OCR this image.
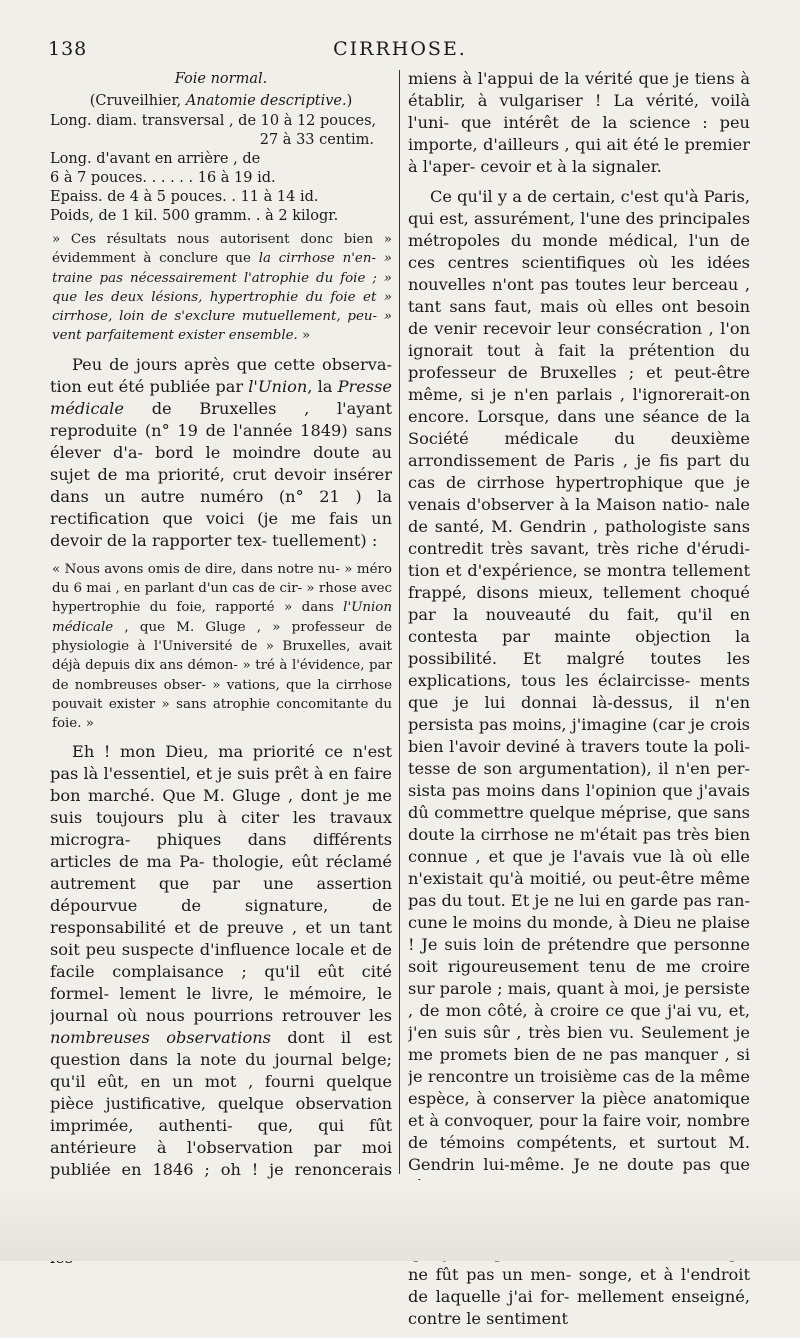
138	CIRRHOSE.

Foie normal.

(Cruveilhier, Anatomie descriptive.)

Long. diam. transversal , de 10 à 12 pouces,

27 à 33 centim.

Long. d'avant en arrière , de

6 à 7 pouces. . . . . . 16 à 19 id.

Epaiss. de 4 à 5 pouces. . 11 à 14 id.

Poids, de 1 kil. 500 gramm. . à 2 kilogr.

» Ces résultats nous autorisent donc bien » évidemment à conclure que la cirrhose n'en- » traine pas nécessairement l'atrophie du foie ; » que les deux lésions, hypertrophie du foie et » cirrhose, loin de s'exclure mutuellement, peu- » vent parfaitement exister ensemble. »

Peu de jours après que cette observa- tion eut été publiée par l'Union, la Presse médicale de Bruxelles , l'ayant reproduite (n° 19 de l'année 1849) sans élever d'a- bord le moindre doute au sujet de ma priorité, crut devoir insérer dans un autre numéro (n° 21 ) la rectification que voici (je me fais un devoir de la rapporter tex- tuellement) :

« Nous avons omis de dire, dans notre nu- » méro du 6 mai , en parlant d'un cas de cir- » rhose avec hypertrophie du foie, rapporté » dans l'Union médicale , que M. Gluge , » professeur de physiologie à l'Université de » Bruxelles, avait déjà depuis dix ans démon- » tré à l'évidence, par de nombreuses obser- » vations, que la cirrhose pouvait exister » sans atrophie concomitante du foie. »

Eh ! mon Dieu, ma priorité ce n'est pas là l'essentiel, et je suis prêt à en faire bon marché. Que M. Gluge , dont je me suis toujours plu à citer les travaux microgra- phiques dans différents articles de ma Pa- thologie, eût réclamé autrement que par une assertion dépourvue de signature, de responsabilité et de preuve , et un tant soit peu suspecte d'influence locale et de facile complaisance ; qu'il eût cité formel- lement le livre, le mémoire, le journal où nous pourrions retrouver les nombreuses observations dont il est question dans la note du journal belge; qu'il eût, en un mot , fourni quelque pièce justificative, quelque observation imprimée, authenti- que, qui fût antérieure à l'observation par moi publiée en 1846 ; oh ! je renoncerais

miens à l'appui de la vérité que je tiens à établir, à vulgariser ! La vérité, voilà l'uni- que intérêt de la science : peu importe, d'ailleurs , qui ait été le premier à l'aper- cevoir et à la signaler.

Ce qu'il y a de certain, c'est qu'à Paris, qui est, assurément, l'une des principales métropoles du monde médical, l'un de ces centres scientifiques où les idées nouvelles n'ont pas toutes leur berceau , tant sans faut, mais où elles ont besoin de venir recevoir leur consécration , l'on ignorait tout à fait la prétention du professeur de Bruxelles ; et peut-être même, si je n'en parlais , l'ignorerait-on encore. Lorsque, dans une séance de la Société médicale du deuxième arrondissement de Paris , je fis part du cas de cirrhose hypertrophique que je venais d'observer à la Maison natio- nale de santé, M. Gendrin , pathologiste sans contredit très savant, très riche d'érudi- tion et d'expérience, se montra tellement frappé, disons mieux, tellement choqué par la nouveauté du fait, qu'il en contesta par mainte objection la possibilité. Et malgré toutes les explications, tous les éclaircisse- ments que je lui donnai là-dessus, il n'en persista pas moins, j'imagine (car je crois bien l'avoir deviné à travers toute la poli- tesse de son argumentation), il n'en per- sista pas moins dans l'opinion que j'avais dû commettre quelque méprise, que sans doute la cirrhose ne m'était pas très bien connue , et que je l'avais vue là où elle n'existait qu'à moitié, ou peut-être même pas du tout. Et je ne lui en garde pas ran- cune le moins du monde, à Dieu ne plaise ! Je suis loin de prétendre que personne soit rigoureusement tenu de me croire sur parole ; mais, quant à moi, je persiste , de mon côté, à croire ce que j'ai vu, et, j'en suis sûr , très bien vu. Seulement je me promets bien de ne pas manquer , si je rencontre un troisième cas de la même espèce, à conserver la pièce anatomique et à convoquer, pour la faire voir, nombre de témoins compétents, et surtout M. Gendrin lui-même. Je ne doute pas que ne fût pas un men- songe, et à l'endroit de laquelle j'ai for- mellement enseigné, contre le sentiment
